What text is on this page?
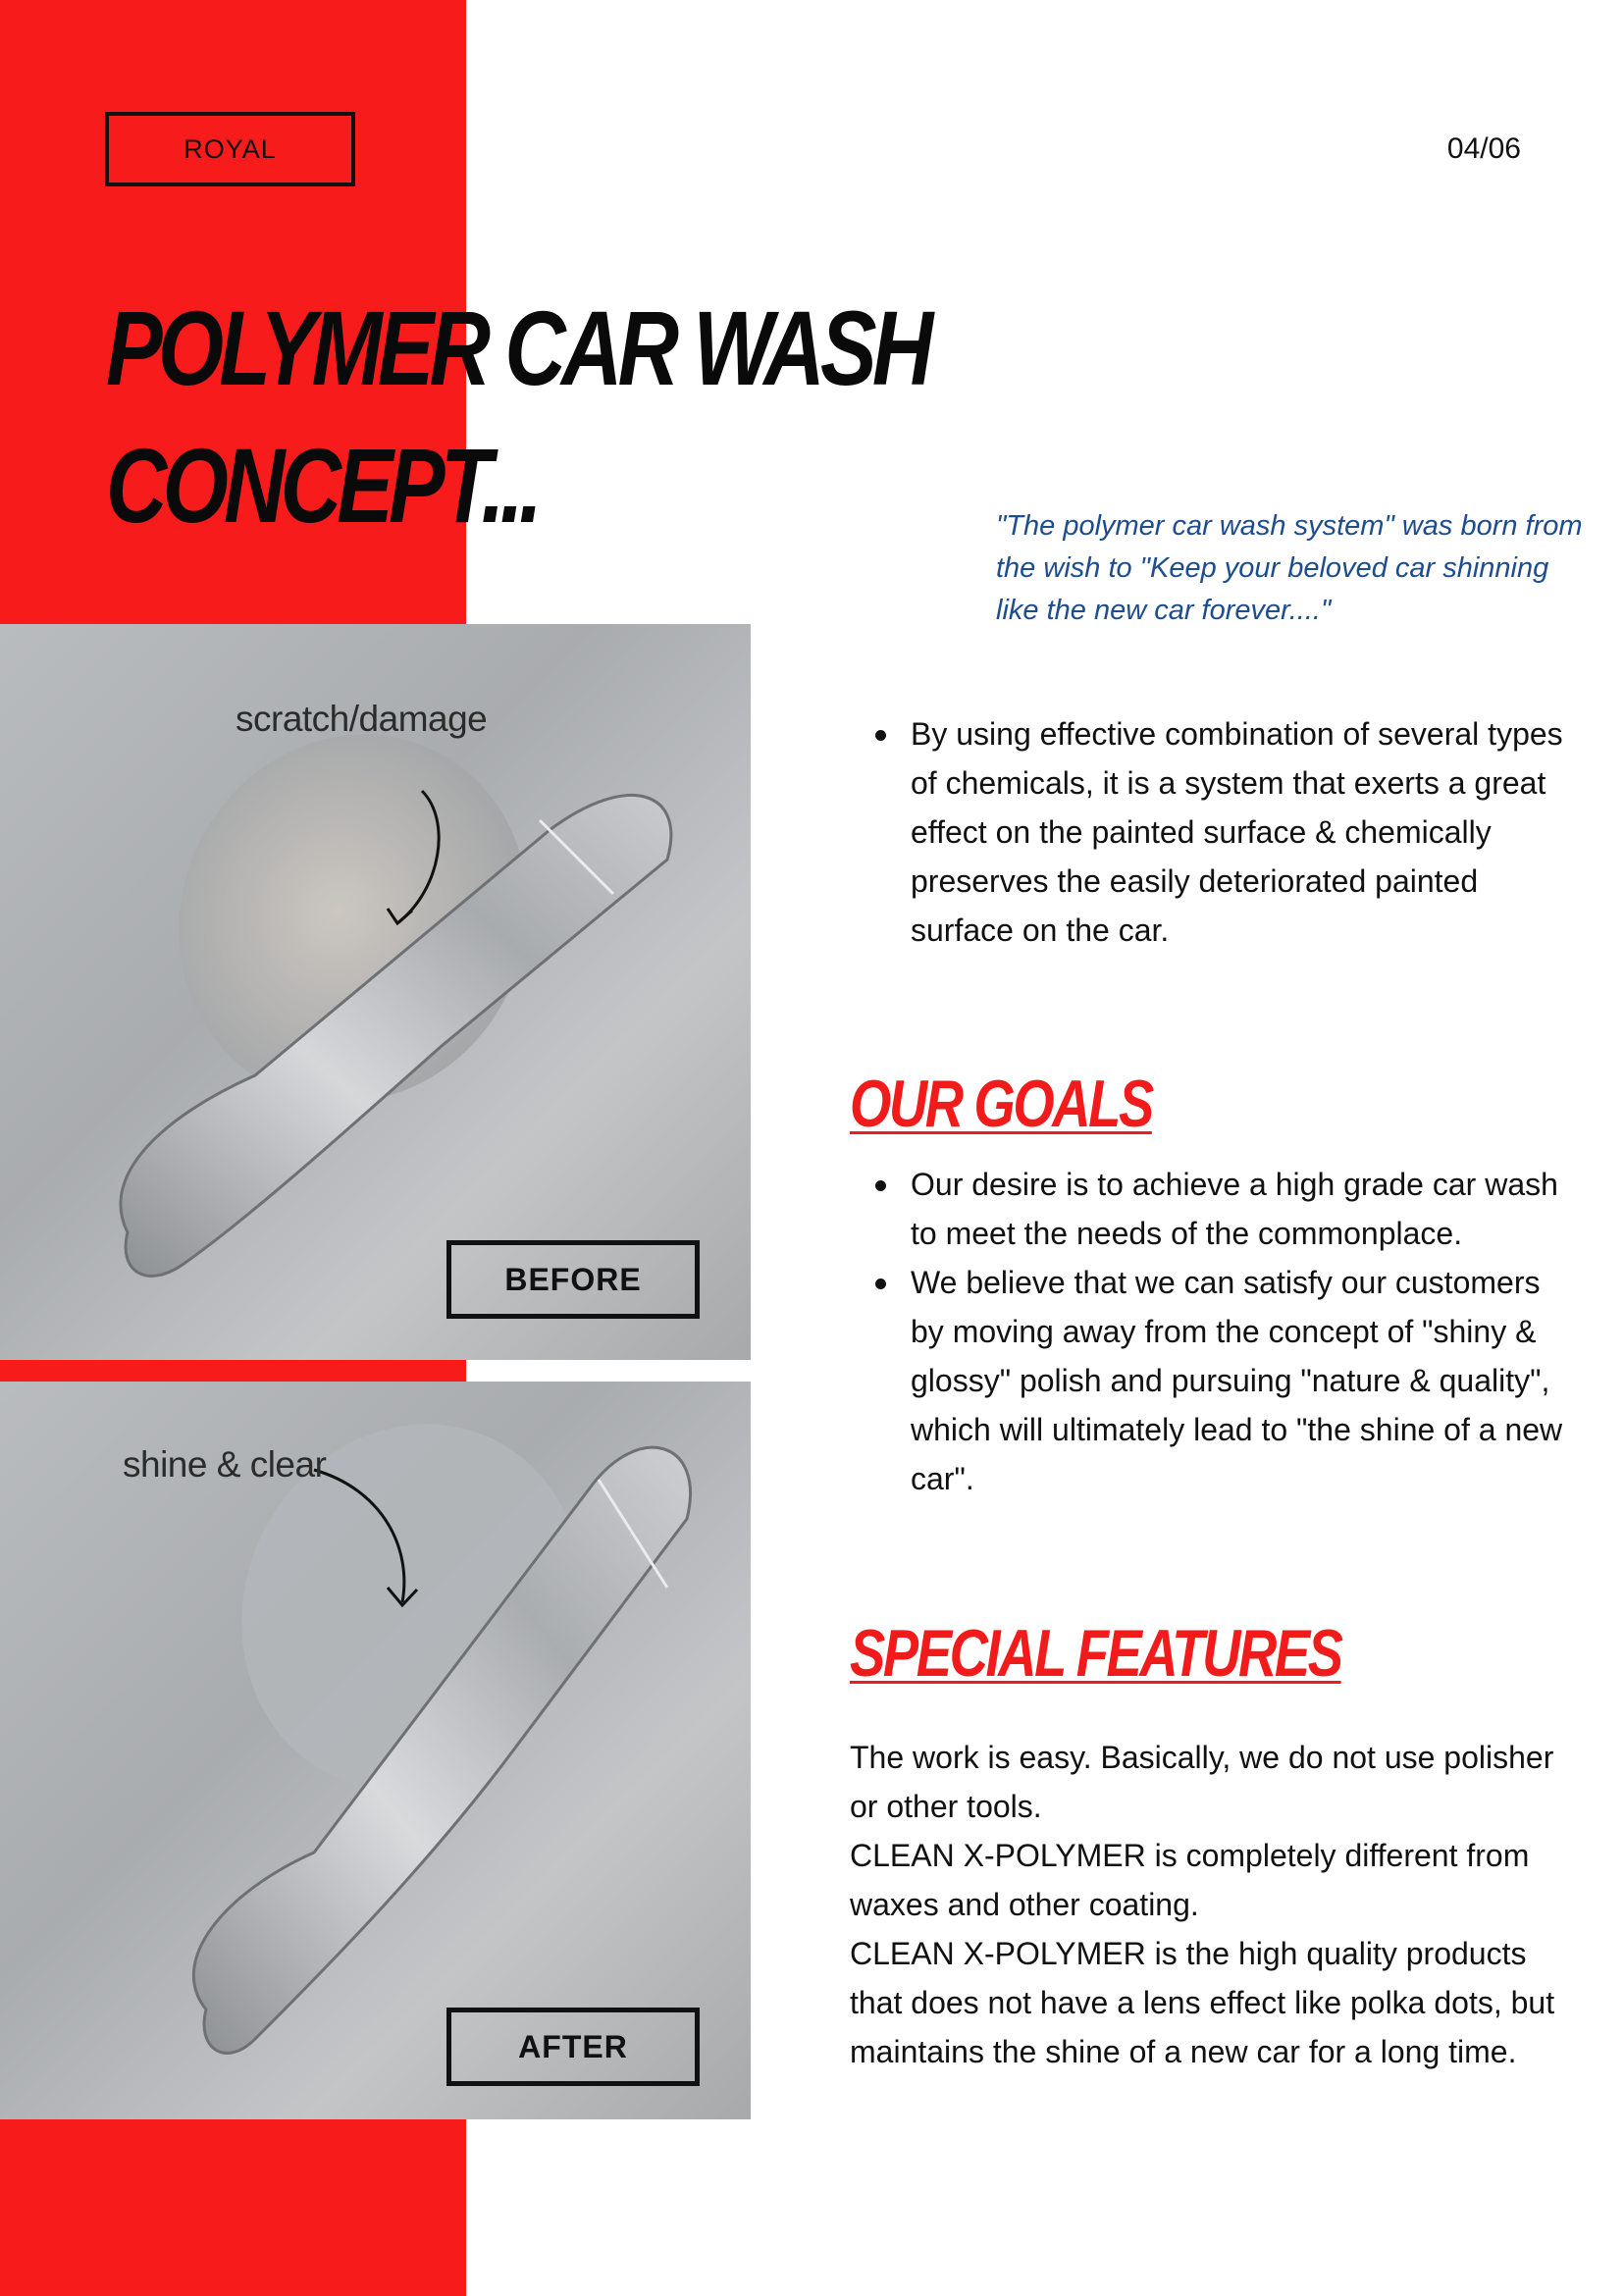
ROYAL	04/06
POLYMER CAR WASH
CONCEPT...	"The polymer car wash system" was born from the wish to "Keep your beloved car shinning like the new car forever...."
scratch/damage
BEFORE
shine & clear
AFTER
By using effective combination of several types of chemicals, it is a system that exerts a great effect on the painted surface & chemically preserves the easily deteriorated painted surface on the car.
OUR GOALS
Our desire is to achieve a high grade car wash to meet the needs of the commonplace.
We believe that we can satisfy our customers by moving away from the concept of "shiny & glossy" polish and pursuing "nature & quality", which will ultimately lead to "the shine of a new car".
SPECIAL FEATURES

The work is easy. Basically, we do not use polisher or other tools.

CLEAN X-POLYMER is completely different from waxes and other coating.

CLEAN X-POLYMER is the high quality products that does not have a lens effect like polka dots, but maintains the shine of a new car for a long time.
